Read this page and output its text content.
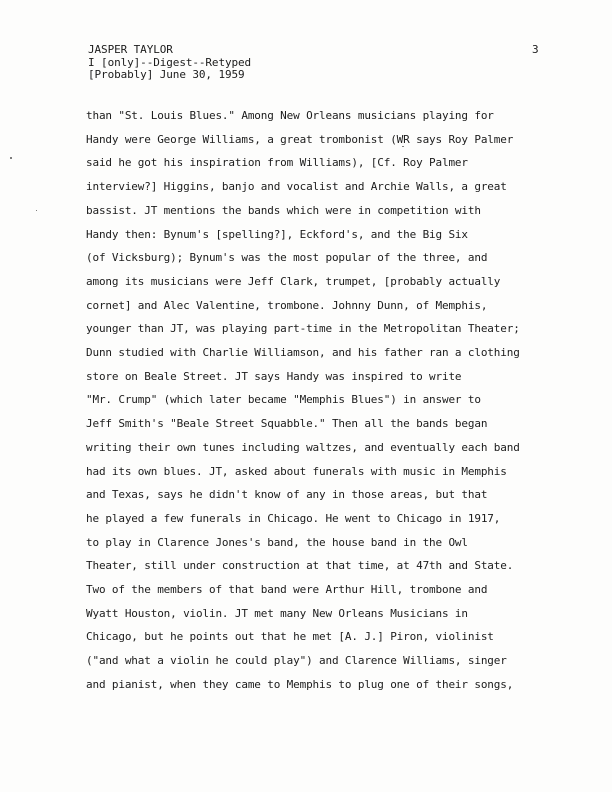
JASPER TAYLOR
I [only]--Digest--Retyped
[Probably] June 30, 1959
3
than "St. Louis Blues." Among New Orleans musicians playing for
Handy were George Williams, a great trombonist (WR says Roy Palmer
said he got his inspiration from Williams), [Cf. Roy Palmer
interview?] Higgins, banjo and vocalist and Archie Walls, a great
bassist. JT mentions the bands which were in competition with
Handy then: Bynum's [spelling?], Eckford's, and the Big Six
(of Vicksburg); Bynum's was the most popular of the three, and
among its musicians were Jeff Clark, trumpet, [probably actually
cornet] and Alec Valentine, trombone. Johnny Dunn, of Memphis,
younger than JT, was playing part-time in the Metropolitan Theater;
Dunn studied with Charlie Williamson, and his father ran a clothing
store on Beale Street. JT says Handy was inspired to write
"Mr. Crump" (which later became "Memphis Blues") in answer to
Jeff Smith's "Beale Street Squabble." Then all the bands began
writing their own tunes including waltzes, and eventually each band
had its own blues. JT, asked about funerals with music in Memphis
and Texas, says he didn't know of any in those areas, but that
he played a few funerals in Chicago. He went to Chicago in 1917,
to play in Clarence Jones's band, the house band in the Owl
Theater, still under construction at that time, at 47th and State.
Two of the members of that band were Arthur Hill, trombone and
Wyatt Houston, violin. JT met many New Orleans Musicians in
Chicago, but he points out that he met [A. J.] Piron, violinist
("and what a violin he could play") and Clarence Williams, singer
and pianist, when they came to Memphis to plug one of their songs,
